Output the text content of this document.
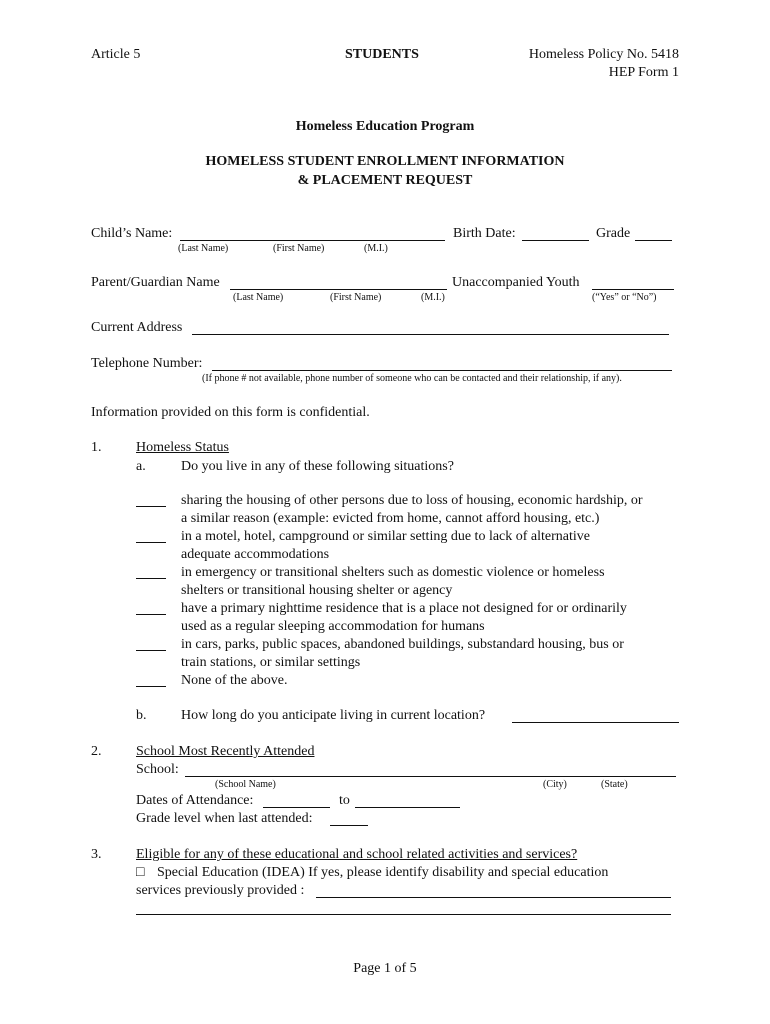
Article 5	STUDENTS	Homeless Policy No. 5418
HEP Form 1
Homeless Education Program
HOMELESS STUDENT ENROLLMENT INFORMATION
& PLACEMENT REQUEST
Child’s Name:
(Last Name)	(First Name)	(M.I.)
Birth Date:	Grade
Parent/Guardian Name
(Last Name)	(First Name)	(M.I.)
Unaccompanied Youth
(“Yes” or “No”)
Current Address
Telephone Number:
(If phone # not available, phone number of someone who can be contacted and their relationship, if any).
Information provided on this form is confidential.
1. Homeless Status
a.	Do you live in any of these following situations?
sharing the housing of other persons due to loss of housing, economic hardship, or
a similar reason (example: evicted from home, cannot afford housing, etc.)
in a motel, hotel, campground or similar setting due to lack of alternative
adequate accommodations
in emergency or transitional shelters such as domestic violence or homeless
shelters or transitional housing shelter or agency
have a primary nighttime residence that is a place not designed for or ordinarily
used as a regular sleeping accommodation for humans
in cars, parks, public spaces, abandoned buildings, substandard housing, bus or
train stations, or similar settings
None of the above.
b. How long do you anticipate living in current location?
2. School Most Recently Attended
School:
(School Name)	(City)	(State)
Dates of Attendance:	to
Grade level when last attended:
3. Eligible for any of these educational and school related activities and services?
□ Special Education (IDEA) If yes, please identify disability and special education
services previously provided :
Page 1 of 5
